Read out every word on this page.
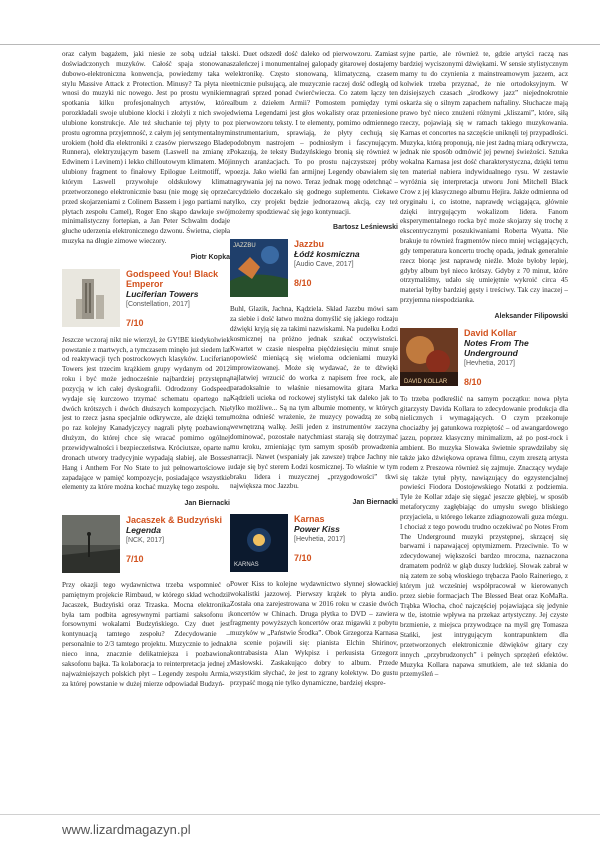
oraz całym bagażem, jaki niesie ze sobą udział tak doświadczonych muzyków. Całość spaja stonowana dubowo-elektroniczna konwencja, powiedzmy taka w stylu Massive Attack z Protection. Minusy? Ta płyta nie wnosi do muzyki nic nowego. Jest po prostu wynikiem spotkania kilku profesjonalnych artystów, które porozkładali swoje ulubione klocki i złożyli z nich swoje ulubione konstrukcje. Ale też słuchanie tej płyty to po prostu ogromna przyjemność, z całym jej sentymentalnym urokiem (hołd dla elektroniki z czasów pierwszego Blade Runnera), elektryzującym basem (Laswell na zmianę z Edwinem i Levinem) i lekko chilloutowym klimatem. Mój ulubiony fragment to finałowy Epilogue Leitmotiff, w którym Laswell przywołuje oldskulowy klimat przetworzonego elektronicznie basu (nie mogę się oprzeć przed skojarzeniami z Colinem Bassem i jego partiami na płytach zespołu Camel), Roger Eno skąpo dawkuje swój minimalistyczny fortepian, a Jan Peter Schwalm dodaje głuche uderzenia elektronicznego dzwonu. Świetna, ciepła muzyka na długie zimowe wieczory.

Piotr Kopka
Godspeed You! Black Emperor
Luciferian Towers
[Constellation, 2017]
7/10

Jeszcze wczoraj nikt nie wierzył, że GY!BE kiedykolwiek powstanie z martwych, a tymczasem minęło już siedem lat od reaktywacji tych postrockowych klasyków. Luciferian Towers jest trzecim krążkiem grupy wydanym od 2012 roku i być może jednocześnie najbardziej przystępną pozycją w ich całej dyskografii. Odrodzony Godspeed wydaje się kurczowo trzymać schematu opartego na dwóch krótszych i dwóch dłuższych kompozycjach. Nie jest to rzecz jasna specjalnie odkrywcze, ale dzięki temu po raz kolejny Kanadyjczycy nagrali płytę pozbawioną dłużyzn, do której chce się wracać pomimo ogólnej przewidywalności i bezpieczeństwa. Króciutsze, oparte na dronach utwory tradycyjnie wypadają słabiej, ale Bosses Hang i Anthem For No State to już pełnowartościowe i zapadające w pamięć kompozycje, posiadające wszystkie elementy za które można kochać muzykę tego zespołu.

Jan Biernacki
Jacaszek & Budzyński
Legenda
[NCK, 2017]
7/10

Przy okazji tego wydawnictwa trzeba wspomnieć o pamiętnym projekcie Rimbaud, w którego skład wchodził Jacaszek, Budzyński oraz Trzaska. Mocna elektronika była tam podbita agresywnymi partiami saksofonu i forsownymi wokalami Budzyńskiego. Czy duet jest kontynuacją tamtego zespołu? Zdecydowanie – personalnie to 2/3 tamtego projektu. Muzycznie to jednak nieco inna, znacznie delikatniejsza i pozbawiona saksofonu bajka. Ta kolaboracja to reinterpretacja jednej z najważniejszych polskich płyt – Legendy zespołu Armia, za której powstanie w dużej mierze odpowiadał Budzyń-

ski. Duet odszedł dość daleko od pierwowzoru. Zamiast szaleńczej i monumentalnej galopady gitarowej dostajemy elektronikę. Często stonowaną, klimatyczną, czasem etnicznie pulsującą, ale muzycznie raczej dość odległą od nagrań sprzed ponad ćwierćwiecza. Co zatem łączy ten album z dziełem Armii? Pomostem pomiędzy tymi dwiema Legendami jest głos wokalisty oraz przeniesione z pierwowzoru teksty. I te elementy, pomimo odmiennego instrumentarium, sprawiają, że płyty cechują się podobnym nastrojem – podniosłym i fascynującym. Pokazują, że teksty Budzyńskiego bronią się również w innych aranżacjach. To po prostu najczystszej próby poezja. Jako wielki fan armijnej Legendy obawiałem się nagrywania jej na nowo. Teraz jednak mogę odetchnąć – arcydzieło doczekało się godnego suplementu. Ciekawe tylko, czy projekt będzie jednorazową akcją, czy też możemy spodziewać się jego kontynuacji.

Bartosz Leśniewski
JAZZBU	Jazzbu
Łódź kosmiczna
[Audio Cave, 2017]
8/10

Buhl, Glazik, Jachna, Kądziela. Skład Jazzbu mówi sam za siebie i dość łatwo można domyślić się jakiego rodzaju dźwięki kryją się za takimi nazwiskami. Na pudełku Łodzi kosmicznej na próżno jednak szukać oczywistości. Kwartet w czasie niespełna pięćdziesięciu minut snuje opowieść mieniącą się wieloma odcieniami muzyki improwizowanej. Może się wydawać, że te dźwięki najlatwiej wrzucić do worka z napisem free rock, ale paradoksalnie to właśnie niesamowita gitara Marka Kądzieli ucieka od rockowej stylistyki tak daleko jak to tylko możliwe... Są na tym albumie momenty, w których można odnieść wrażenie, że muzycy powadzą ze sobą wewnętrzną walkę. Jeśli jeden z instrumentów zaczyna dominować, pozostałe natychmiast starają się dotrzymać mu kroku, zmieniając tym samym sposób prowadzenia narracji. Nawet (wspaniały jak zawsze) trąbce Jachny nie udaje się być sterem Łodzi kosmicznej. To właśnie w tym braku lidera i muzycznej „przygodowości” tkwi największa moc Jazzbu.

Jan Biernacki
KARNAS
Karnas
Power Kiss
[Hevhetia, 2017]
7/10

Power Kiss to kolejne wydawnictwo słynnej słowackiej wokalistki jazzowej. Pierwszy krążek to płyta audio. Została ona zarejestrowana w 2016 roku w czasie dwóch koncertów w Chinach. Druga płytka to DVD – zawiera fragmenty powyższych koncertów oraz migawki z pobytu muzyków w „Państwie Środka”. Obok Grzegorza Karnasa na scenie pojawili się: pianista Elchin Shirinov, kontrabasista Alan Wykpisz i perkusista Grzegorz Masłowski. Zaskakująco dobry to album. Przede wszystkim słychać, że jest to zgrany kolektyw. Do gustu przypaść mogą nie tylko dynamiczne, bardziej ekspre-

syjne partie, ale również te, gdzie artyści raczą nas bardziej wyciszonymi dźwiękami. W sensie stylistycznym mamy tu do czynienia z mainstreamowym jazzem, acz kolwiek trzeba przyznać, że nie ortodoksyjnym. W dzisiejszych czasach „środkowy jazz” niejednokrotnie oskarża się o silnym zapachem naftaliny. Słuchacze mają prawo być nieco znużeni różnymi „kliszami”, które, siłą rzeczy, pojawiają się w ramach takiego muzykowania. Karnas et concortes na szczęście uniknęli tej przypadłości. Muzyka, którą proponują, nie jest żadną miarą odkrywcza, jednak nie sposób odmówić jej pewnej świeżości. Sztuka wokalna Karnasa jest dość charakterystyczna, dzięki temu ten materiał nabiera indywidualnego rysu. W zestawie wyróżnia się interpretacja utworu Joni Mitchell Black Crow z jej klasycznego albumu Hejira. Jakże odmienna od oryginału i, co istotne, naprawdę wciągająca, głównie dzięki intrygującym wokalizom lidera. Fanom eksperymentalnego rocka być może skojarzy się trochę z ekscentrycznymi poszukiwaniami Roberta Wyatta. Nie brakuje tu również fragmentów nieco mniej wciągających, gdy temperatura koncertu trochę opada, jednak generalnie rzecz biorąc jest naprawdę nieźle. Może byłoby lepiej, gdyby album był nieco krótszy. Gdyby z 70 minut, które otrzymaliśmy, udało się umiejętnie wykroić circa 45 materiał byłby bardziej gęsty i treściwy. Tak czy inaczej – przyjemna niespodzianka.

Aleksander Filipowski
DAVID KOLLAR
David Kollar
Notes From The Underground
[Hevhetia, 2017]
8/10

To trzeba podkreślić na samym początku: nowa płyta gitarzysty Davida Kollara to zdecydowanie produkcja dla nielicznych i wymagających. O czym przekonuje chociażby jej gatunkowa rozpiętość – od awangardowego jazzu, poprzez klasyczny minimalizm, aż po post-rock i ambient. Bo muzyka Słowaka świetnie sprawdziłaby się także jako dźwiękowa oprawa filmu, czym zresztą artysta rodem z Preszowa również się zajmuje. Znaczący wydaje się także tytuł płyty, nawiązujący do egzystencjalnej powieści Fiodora Dostojewskiego Notatki z podziemia. Tyle że Kollar zdaje się sięgać jeszcze głębiej, w sposób metaforyczny zagłębiając do umysłu swego bliskiego przyjaciela, u którego lekarze zdiagnozowali guza mózgu. I chociaż z tego powodu trudno oczekiwać po Notes From The Underground muzyki przystępnej, skrzącej się barwami i napawającej optymizmem. Przeciwnie. To w zdecydowanej większości bardzo mroczna, naznaczona dramatem podróż w głąb duszy ludzkiej. Słowak zabrał w nią zatem ze sobą włoskiego trębacza Paolo Raineriego, z którym już wcześniej współpracował w kierowanych przez siebie formacjach The Blessed Beat oraz KoMaRa. Trąbka Włocha, choć najczęściej pojawiająca się jedynie w tle, istotnie wpływa na przekaz artystyczny. Jej czyste brzmienie, z miejsca przywodzące na myśl grę Tomasza Stańki, jest intrygującym kontrapunktem dla przetworzonych elektronicznie dźwięków gitary czy innych „przybrudzonych” i pełnych sprzężeń efektów. Muzyka Kollara napawa smutkiem, ale też skłania do przemyśleń –

www.lizardmagazyn.pl
